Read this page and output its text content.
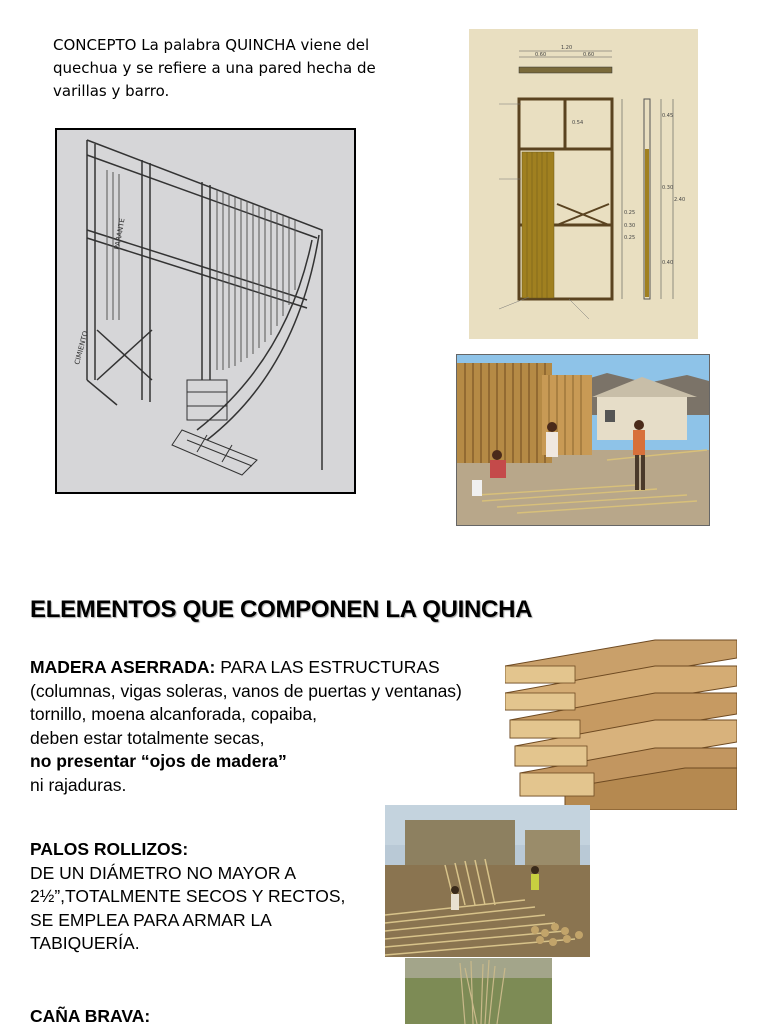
CONCEPTO La palabra QUINCHA viene del
quechua y se refiere a una pared hecha de
varillas y barro.
CIMIENTO
PARANTE
1.20
0.60	0.60
0.45
0.30
2.40
0.25
0.30
0.25
0.40
0.54
ELEMENTOS QUE COMPONEN LA QUINCHA
MADERA ASERRADA: PARA LAS ESTRUCTURAS
(columnas, vigas soleras, vanos de puertas y ventanas)
tornillo, moena alcanforada, copaiba,
deben estar totalmente secas,
no presentar “ojos de madera”
ni rajaduras.
PALOS ROLLIZOS:
DE UN DIÁMETRO NO MAYOR A
2½”,TOTALMENTE SECOS Y RECTOS,
SE EMPLEA PARA ARMAR LA
TABIQUERÍA.
CAÑA BRAVA:
